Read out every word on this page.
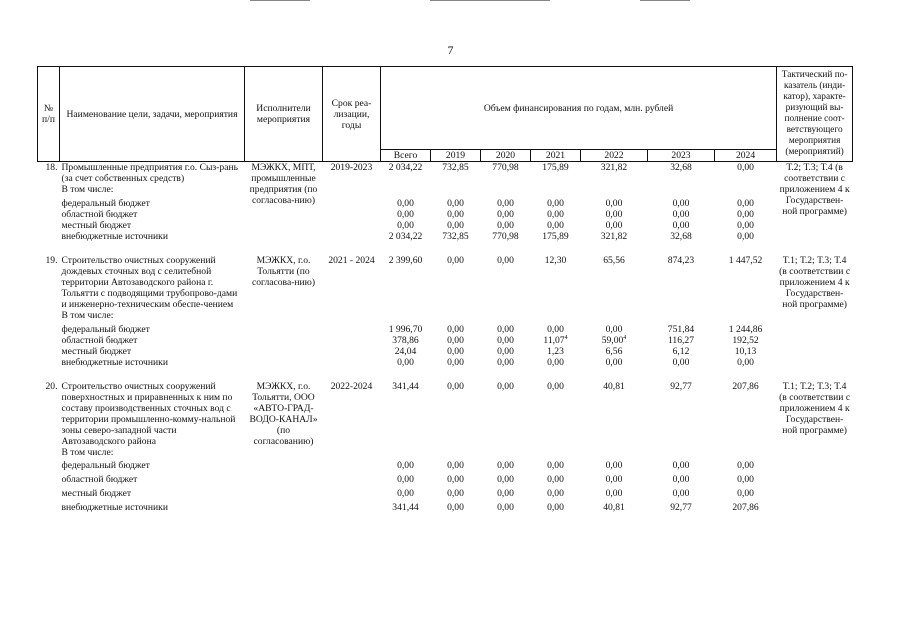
7
№ п/п	Наименование цели, задачи, мероприятия	Исполнители мероприятия	Срок реа-лизации, годы	Объем финансирования по годам, млн. рублей							Тактический по-казатель (инди-катор), характе-ризующий вы-полнение соот-ветствующего мероприятия (мероприятий)
				Всего	2019	2020	2021	2022	2023	2024	
18.	Промышленные предприятия г.о. Сыз-рань (за счет собственных средств)	МЭЖКХ, МПТ, промышленные предприятия (по согласова-нию)	2019-2023	2 034,22	732,85	770,98	175,89	321,82	32,68	0,00	Т.2; Т.3; Т.4 (в соответствии с приложением 4 к Государствен-ной программе)
	В том числе:										
	федеральный бюджет			0,00	0,00	0,00	0,00	0,00	0,00	0,00	
	областной бюджет			0,00	0,00	0,00	0,00	0,00	0,00	0,00	
	местный бюджет			0,00	0,00	0,00	0,00	0,00	0,00	0,00	
	внебюджетные источники			2 034,22	732,85	770,98	175,89	321,82	32,68	0,00	

19.	Строительство очистных сооружений дождевых сточных вод с селитебной территории Автозаводского района г. Тольятти с подводящими трубопрово-дами и инженерно-техническим обеспе-чением	МЭЖКХ, г.о. Тольятти (по согласова-нию)	2021 - 2024	2 399,60	0,00	0,00	12,30	65,56	874,23	1 447,52	Т.1; Т.2; Т.3; Т.4 (в соответствии с приложением 4 к Государствен-ной программе)
	В том числе:										
	федеральный бюджет			1 996,70	0,00	0,00	0,00	0,00	751,84	1 244,86	
	областной бюджет			378,86	0,00	0,00	11,07$^4$	59,00$^4$	116,27	192,52	
	местный бюджет			24,04	0,00	0,00	1,23	6,56	6,12	10,13	
	внебюджетные источники			0,00	0,00	0,00	0,00	0,00	0,00	0,00	

20.	Строительство очистных сооружений поверхностных и приравненных к ним по составу производственных сточных вод с территории промышленно-комму-нальной зоны северо-западной части Автозаводского района	МЭЖКХ, г.о. Тольятти, ООО «АВТО-ГРАД-ВОДО-КАНАЛ» (по согласованию)	2022-2024	341,44	0,00	0,00	0,00	40,81	92,77	207,86	Т.1; Т.2; Т.3; Т.4 (в соответствии с приложением 4 к Государствен-ной программе)
	В том числе:										
	федеральный бюджет			0,00	0,00	0,00	0,00	0,00	0,00	0,00	
	областной бюджет			0,00	0,00	0,00	0,00	0,00	0,00	0,00	
	местный бюджет			0,00	0,00	0,00	0,00	0,00	0,00	0,00	
	внебюджетные источники			341,44	0,00	0,00	0,00	40,81	92,77	207,86	
